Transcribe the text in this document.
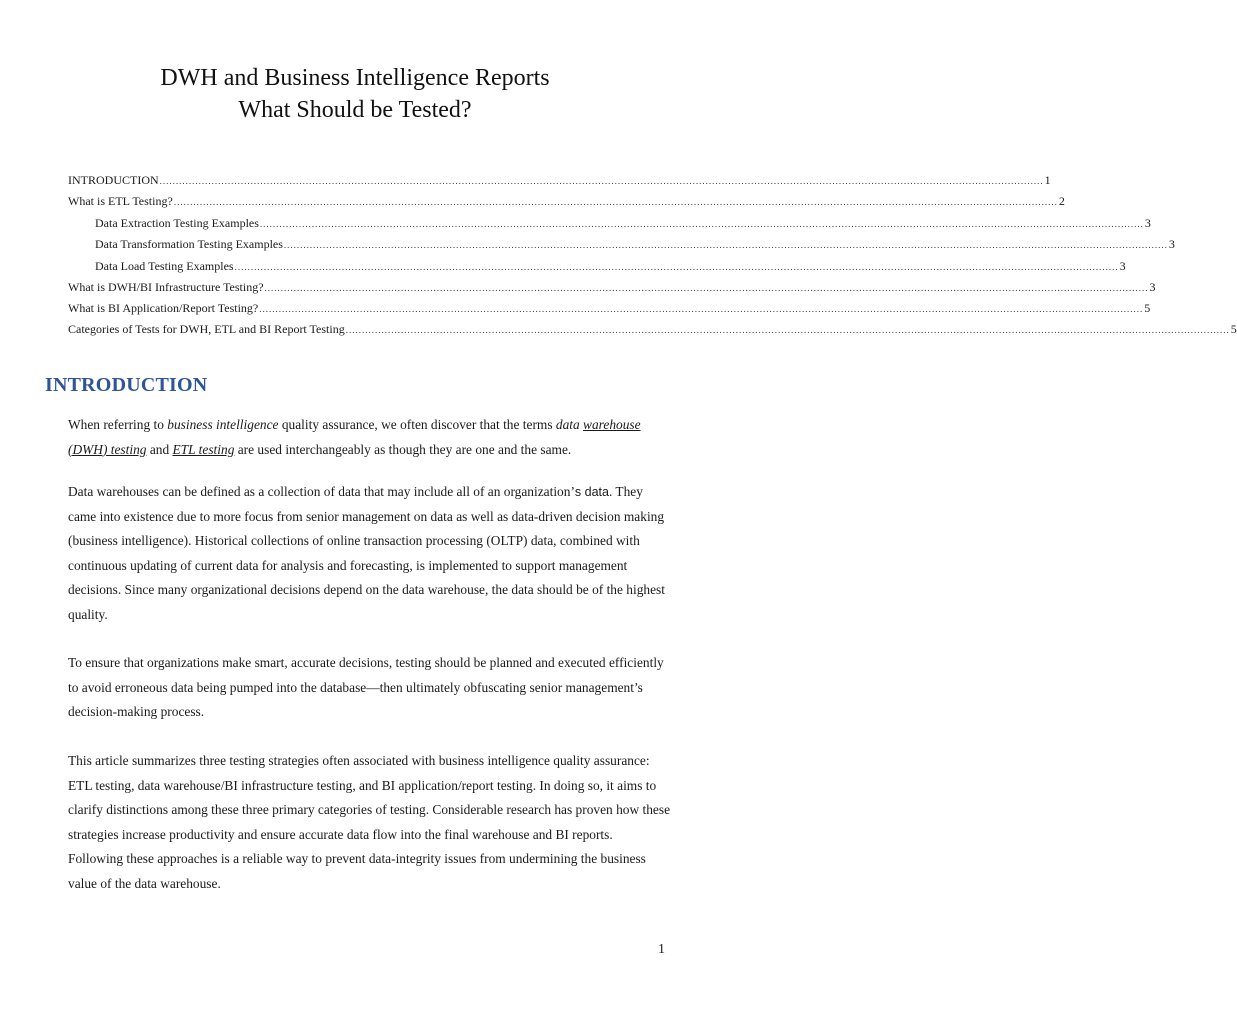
DWH and Business Intelligence Reports
What Should be Tested?
INTRODUCTION ................................................................................................................................................................................................................................................................................ 1
What is ETL Testing? ................................................................................................................................................................................................................................................................................ 2
Data Extraction Testing Examples ................................................................................................................................................................................................................................................................................ 3
Data Transformation Testing Examples ................................................................................................................................................................................................................................................................................ 3
Data Load Testing Examples ................................................................................................................................................................................................................................................................................ 3
What is DWH/BI Infrastructure Testing? ................................................................................................................................................................................................................................................................................ 3
What is BI Application/Report Testing? ................................................................................................................................................................................................................................................................................ 5
Categories of Tests for DWH, ETL and BI Report Testing ................................................................................................................................................................................................................................................................................ 5
INTRODUCTION
When referring to business intelligence quality assurance, we often discover that the terms data warehouse (DWH) testing and ETL testing are used interchangeably as though they are one and the same.
Data warehouses can be defined as a collection of data that may include all of an organization’s data. They came into existence due to more focus from senior management on data as well as data-driven decision making (business intelligence). Historical collections of online transaction processing (OLTP) data, combined with continuous updating of current data for analysis and forecasting, is implemented to support management decisions. Since many organizational decisions depend on the data warehouse, the data should be of the highest quality.
To ensure that organizations make smart, accurate decisions, testing should be planned and executed efficiently to avoid erroneous data being pumped into the database—then ultimately obfuscating senior management’s decision-making process.
This article summarizes three testing strategies often associated with business intelligence quality assurance: ETL testing, data warehouse/BI infrastructure testing, and BI application/report testing. In doing so, it aims to clarify distinctions among these three primary categories of testing. Considerable research has proven how these strategies increase productivity and ensure accurate data flow into the final warehouse and BI reports. Following these approaches is a reliable way to prevent data-integrity issues from undermining the business value of the data warehouse.
1
